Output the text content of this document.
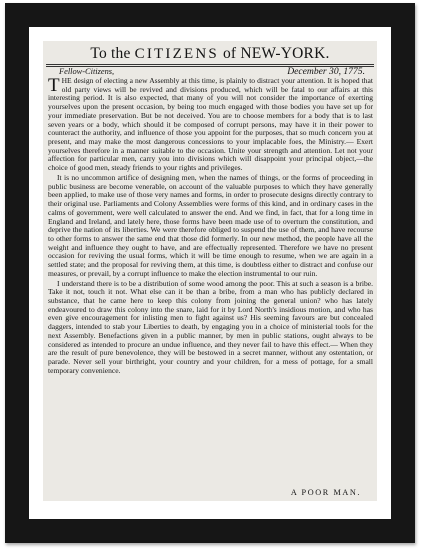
To the CITIZENS of NEW-YORK.
Fellow-Citizens,	December 30, 1775.

THE design of electing a new Assembly at this time, is plainly to distract your attention. It is hoped that old party views will be revived and divisions produced, which will be fatal to our affairs at this interesting period. It is also expected, that many of you will not consider the importance of exerting yourselves upon the present occasion, by being too much engaged with those bodies you have set up for your immediate preservation. But be not deceived. You are to choose members for a body that is to last seven years or a body, which should it be composed of corrupt persons, may have it in their power to counteract the authority, and influence of those you appoint for the purposes, that so much concern you at present, and may make the most dangerous concessions to your implacable foes, the Ministry.— Exert yourselves therefore in a manner suitable to the occasion. Unite your strength and attention. Let not your affection for particular men, carry you into divisions which will disappoint your principal object,—the choice of good men, steady friends to your rights and privileges.

It is no uncommon artifice of designing men, when the names of things, or the forms of proceeding in public business are become venerable, on account of the valuable purposes to which they have generally been applied, to make use of those very names and forms, in order to prosecute designs directly contrary to their original use. Parliaments and Colony Assemblies were forms of this kind, and in ordinary cases in the calms of government, were well calculated to answer the end. And we find, in fact, that for a long time in England and Ireland, and lately here, those forms have been made use of to overturn the constitution, and deprive the nation of its liberties. We were therefore obliged to suspend the use of them, and have recourse to other forms to answer the same end that those did formerly. In our new method, the people have all the weight and influence they ought to have, and are effectually represented. Therefore we have no present occasion for reviving the usual forms, which it will be time enough to resume, when we are again in a settled state; and the proposal for reviving them, at this time, is doubtless either to distract and confuse our measures, or prevail, by a corrupt influence to make the election instrumental to our ruin.

I understand there is to be a distribution of some wood among the poor. This at such a season is a bribe. Take it not, touch it not. What else can it be than a bribe, from a man who has publicly declared in substance, that he came here to keep this colony from joining the general union? who has lately endeavoured to draw this colony into the snare, laid for it by Lord North's insidious motion, and who has even give encouragement for inlisting men to fight against us? His seeming favours are but concealed daggers, intended to stab your Liberties to death, by engaging you in a choice of ministerial tools for the next Assembly. Benefactions given in a public manner, by men in public stations, ought always to be considered as intended to procure an undue influence, and they never fail to have this effect.— When they are the result of pure benevolence, they will be bestowed in a secret manner, without any ostentation, or parade. Never sell your birthright, your country and your children, for a mess of pottage, for a small temporary convenience.

A POOR MAN.
